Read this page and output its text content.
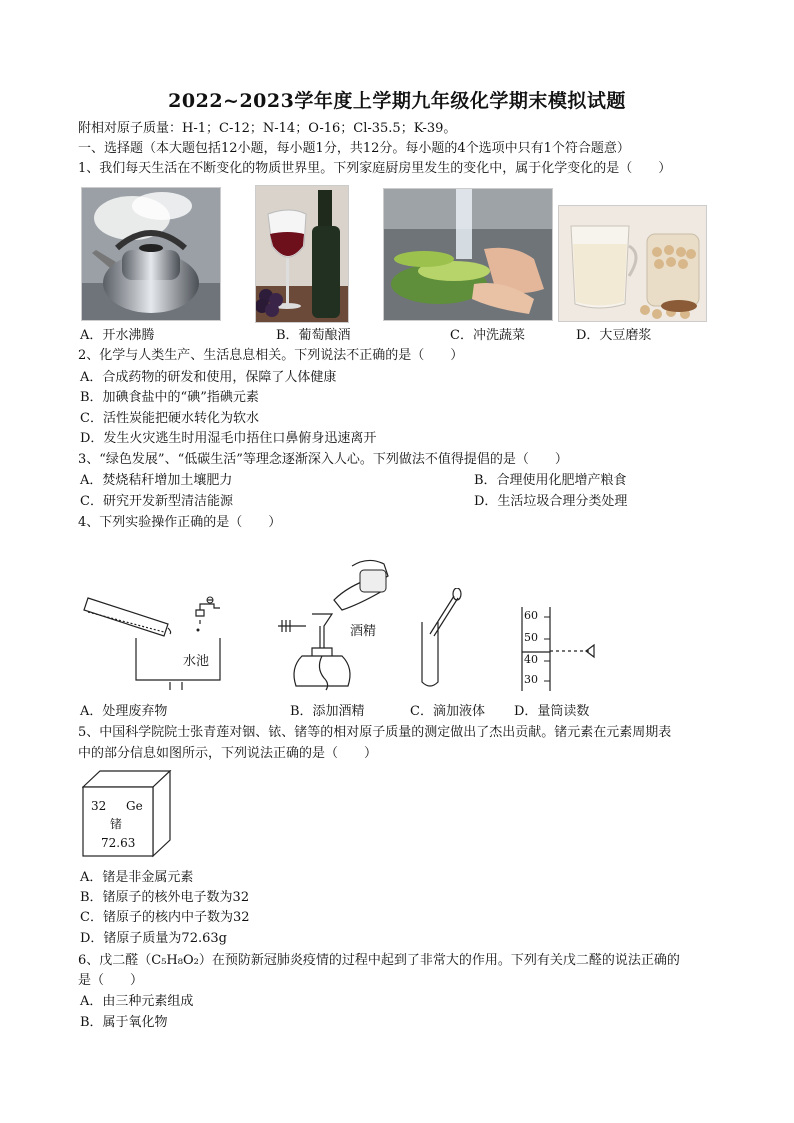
2022~2023学年度上学期九年级化学期末模拟试题
附相对原子质量：H-1；C-12；N-14；O-16；Cl-35.5；K-39。
一、选择题（本大题包括12小题，每小题1分，共12分。每小题的4个选项中只有1个符合题意）
1、我们每天生活在不断变化的物质世界里。下列家庭厨房里发生的变化中，属于化学变化的是（　　）
A．开水沸腾	B．葡萄酿酒	C．冲洗蔬菜	D．大豆磨浆
2、化学与人类生产、生活息息相关。下列说法不正确的是（　　）
A．合成药物的研发和使用，保障了人体健康
B．加碘食盐中的“碘”指碘元素
C．活性炭能把硬水转化为软水
D．发生火灾逃生时用湿毛巾捂住口鼻俯身迅速离开
3、“绿色发展”、“低碳生活”等理念逐渐深入人心。下列做法不值得提倡的是（　　）
A．焚烧秸秆增加土壤肥力	B．合理使用化肥增产粮食
C．研究开发新型清洁能源	D．生活垃圾合理分类处理
4、下列实验操作正确的是（　　）
水池
酒精
60
50
40
30
A．处理废弃物	B．添加酒精	C．滴加液体 D．量筒读数
5、中国科学院院士张青莲对铟、铱、锗等的相对原子质量的测定做出了杰出贡献。锗元素在元素周期表
中的部分信息如图所示，下列说法正确的是（　　）
32 Ge
锗
72.63
A．锗是非金属元素
B．锗原子的核外电子数为32
C．锗原子的核内中子数为32
D．锗原子质量为72.63g
6、戊二醛（C₅H₈O₂）在预防新冠肺炎疫情的过程中起到了非常大的作用。下列有关戊二醛的说法正确的
是（　　）
A．由三种元素组成
B．属于氧化物
